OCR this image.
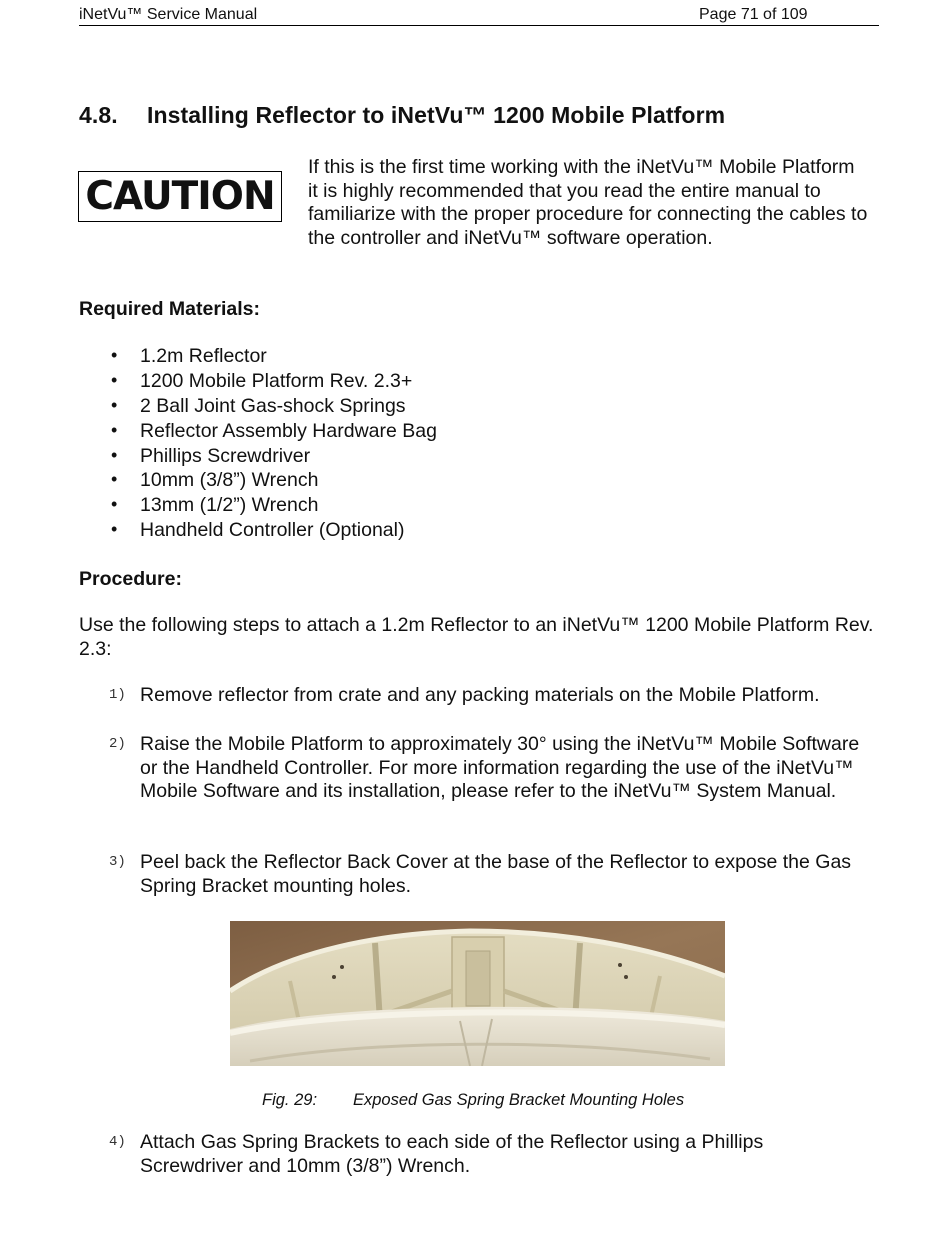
iNetVu™ Service Manual	Page 71 of 109
4.8. Installing Reflector to iNetVu™ 1200 Mobile Platform
CAUTION

If this is the first time working with the iNetVu™ Mobile Platform it is highly recommended that you read the entire manual to familiarize with the proper procedure for connecting the cables to the controller and iNetVu™ software operation.

Required Materials:

• 1.2m Reflector
• 1200 Mobile Platform Rev. 2.3+
• 2 Ball Joint Gas-shock Springs
• Reflector Assembly Hardware Bag
• Phillips Screwdriver
• 10mm (3/8”) Wrench
• 13mm (1/2”) Wrench
• Handheld Controller (Optional)

Procedure:

Use the following steps to attach a 1.2m Reflector to an iNetVu™ 1200 Mobile Platform Rev. 2.3:

1) Remove reflector from crate and any packing materials on the Mobile Platform.

2) Raise the Mobile Platform to approximately 30° using the iNetVu™ Mobile Software or the Handheld Controller. For more information regarding the use of the iNetVu™ Mobile Software and its installation, please refer to the iNetVu™ System Manual.

3) Peel back the Reflector Back Cover at the base of the Reflector to expose the Gas Spring Bracket mounting holes.

Fig. 29: Exposed Gas Spring Bracket Mounting Holes
4) Attach Gas Spring Brackets to each side of the Reflector using a Phillips Screwdriver and 10mm (3/8”) Wrench.
